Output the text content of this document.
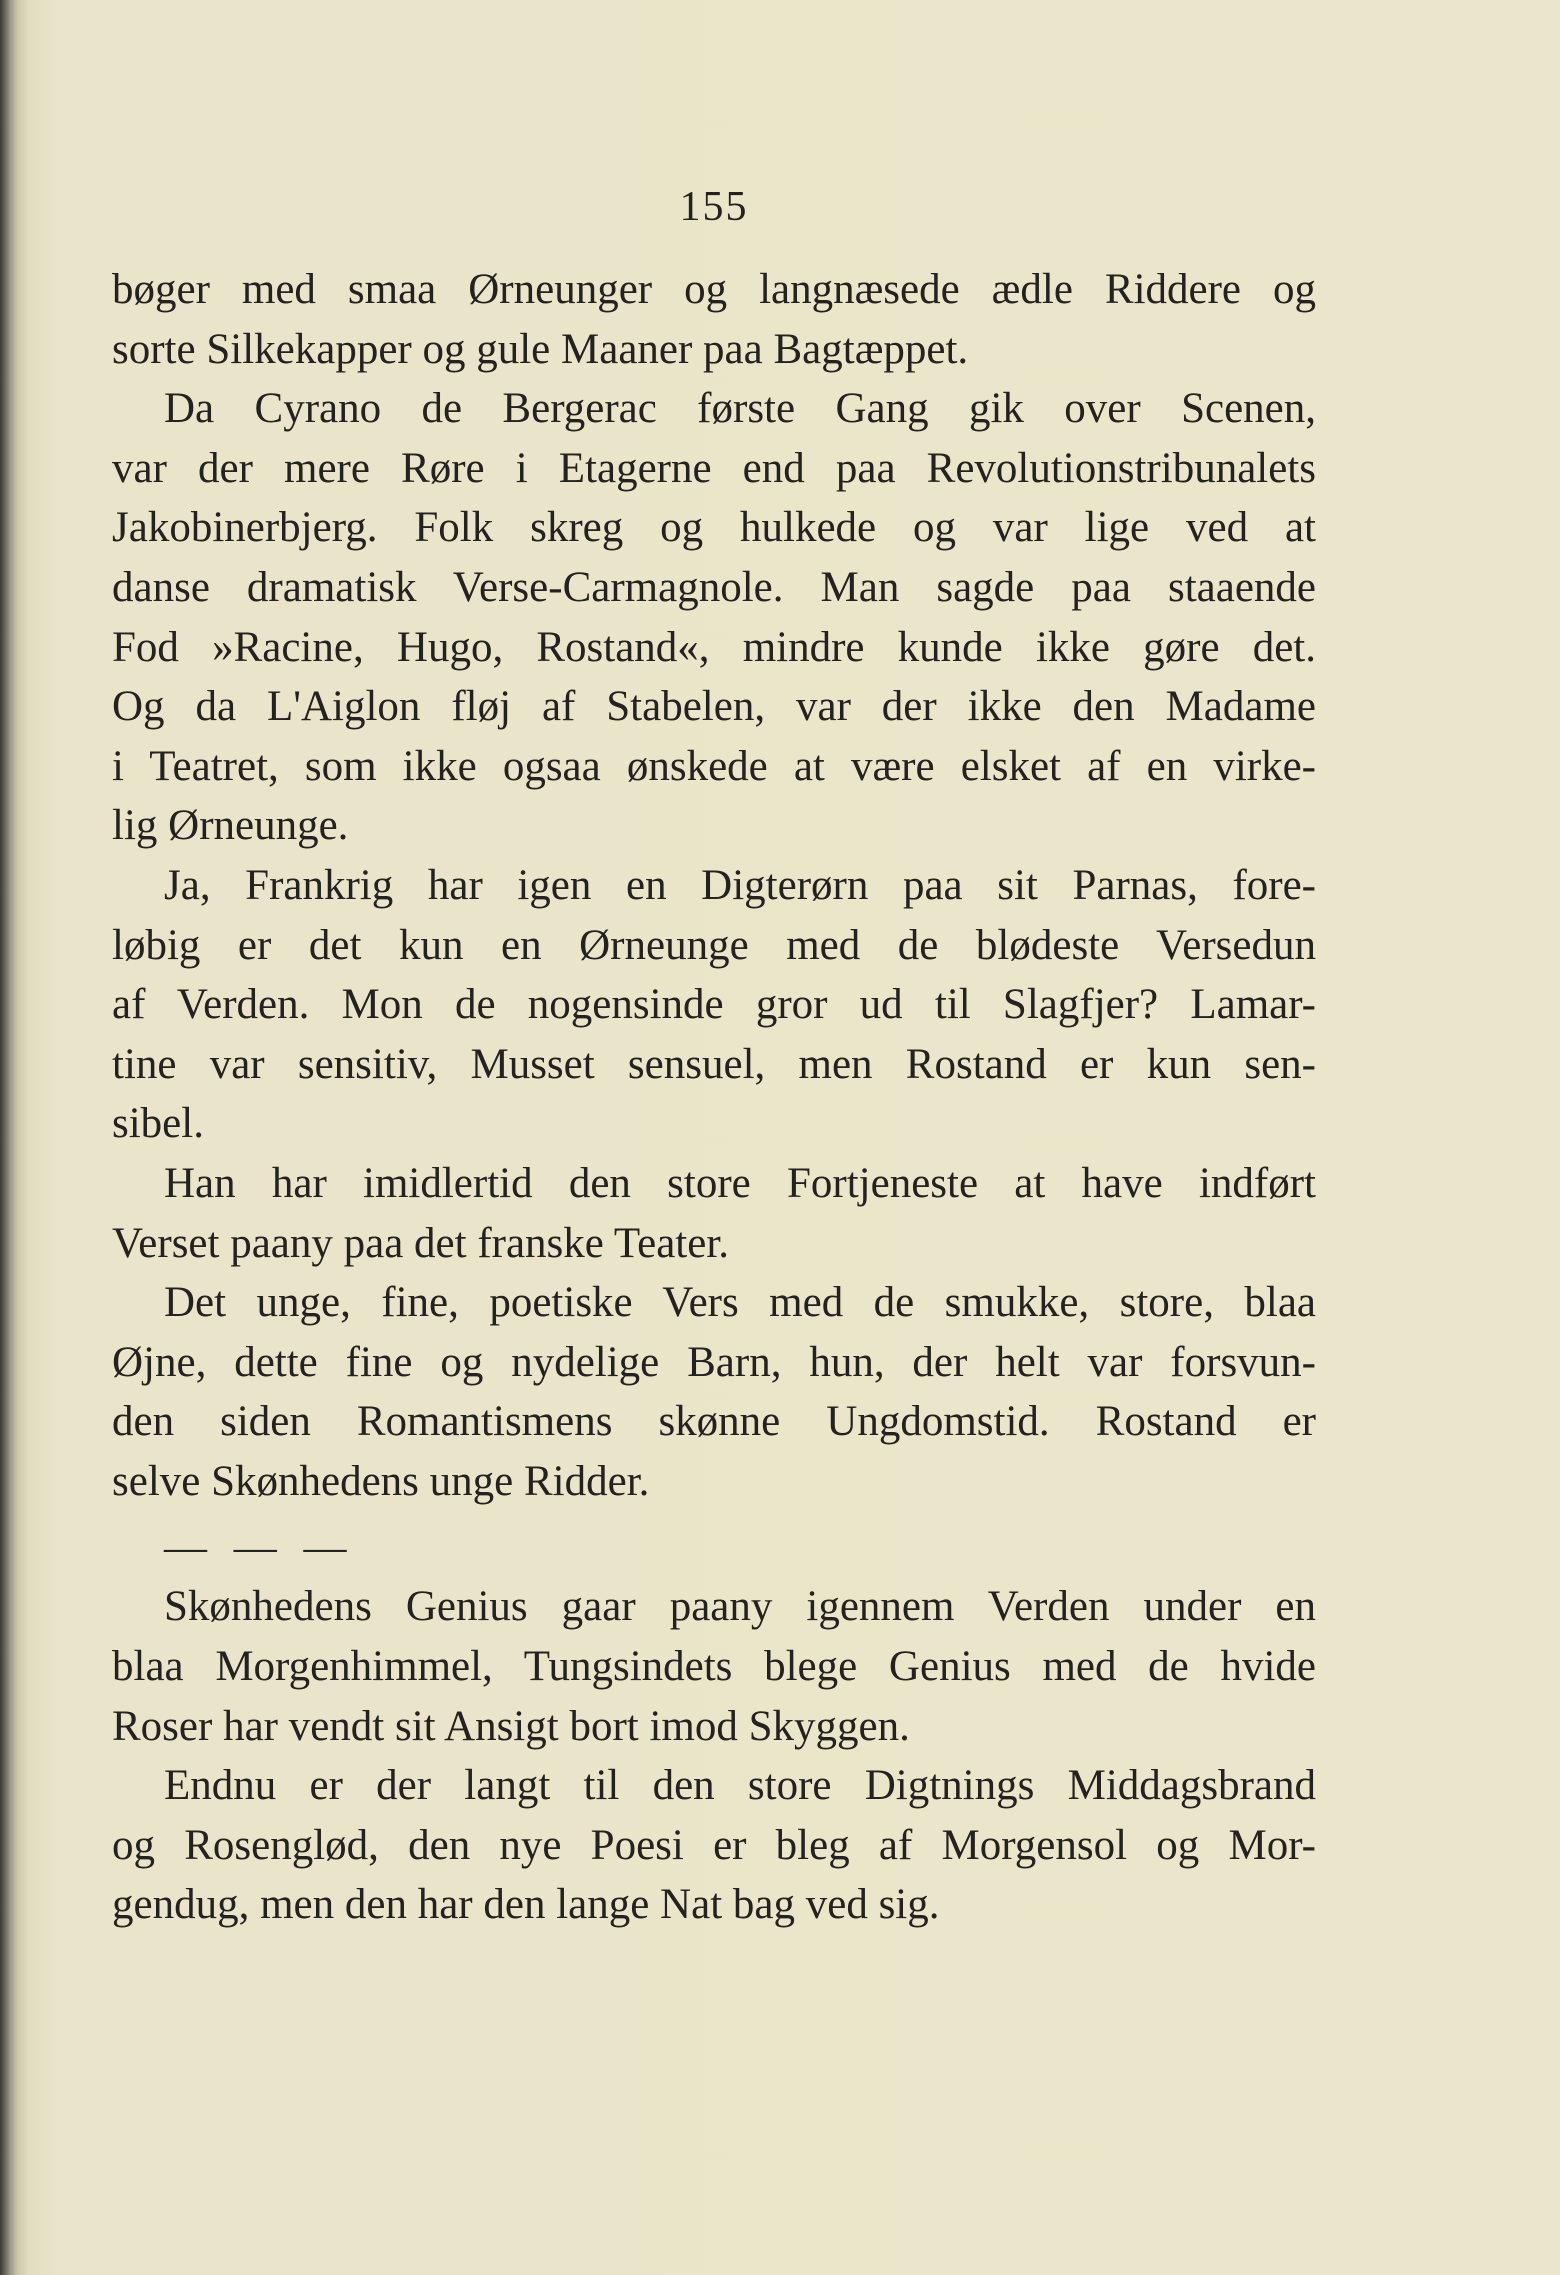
155

bøger med smaa Ørneunger og langnæsede ædle Riddere og
sorte Silkekapper og gule Maaner paa Bagtæppet.

Da Cyrano de Bergerac første Gang gik over Scenen,
var der mere Røre i Etagerne end paa Revolutionstribunalets
Jakobinerbjerg. Folk skreg og hulkede og var lige ved at
danse dramatisk Verse-Carmagnole. Man sagde paa staaende
Fod »Racine, Hugo, Rostand«, mindre kunde ikke gøre det.
Og da L'Aiglon fløj af Stabelen, var der ikke den Madame
i Teatret, som ikke ogsaa ønskede at være elsket af en virke-
lig Ørneunge.

Ja, Frankrig har igen en Digterørn paa sit Parnas, fore-
løbig er det kun en Ørneunge med de blødeste Versedun
af Verden. Mon de nogensinde gror ud til Slagfjer? Lamar-
tine var sensitiv, Musset sensuel, men Rostand er kun sen-
sibel.

Han har imidlertid den store Fortjeneste at have indført
Verset paany paa det franske Teater.

Det unge, fine, poetiske Vers med de smukke, store, blaa
Øjne, dette fine og nydelige Barn, hun, der helt var forsvun-
den siden Romantismens skønne Ungdomstid. Rostand er
selve Skønhedens unge Ridder.

— — —

Skønhedens Genius gaar paany igennem Verden under en
blaa Morgenhimmel, Tungsindets blege Genius med de hvide
Roser har vendt sit Ansigt bort imod Skyggen.

Endnu er der langt til den store Digtnings Middagsbrand
og Rosenglød, den nye Poesi er bleg af Morgensol og Mor-
gendug, men den har den lange Nat bag ved sig.
